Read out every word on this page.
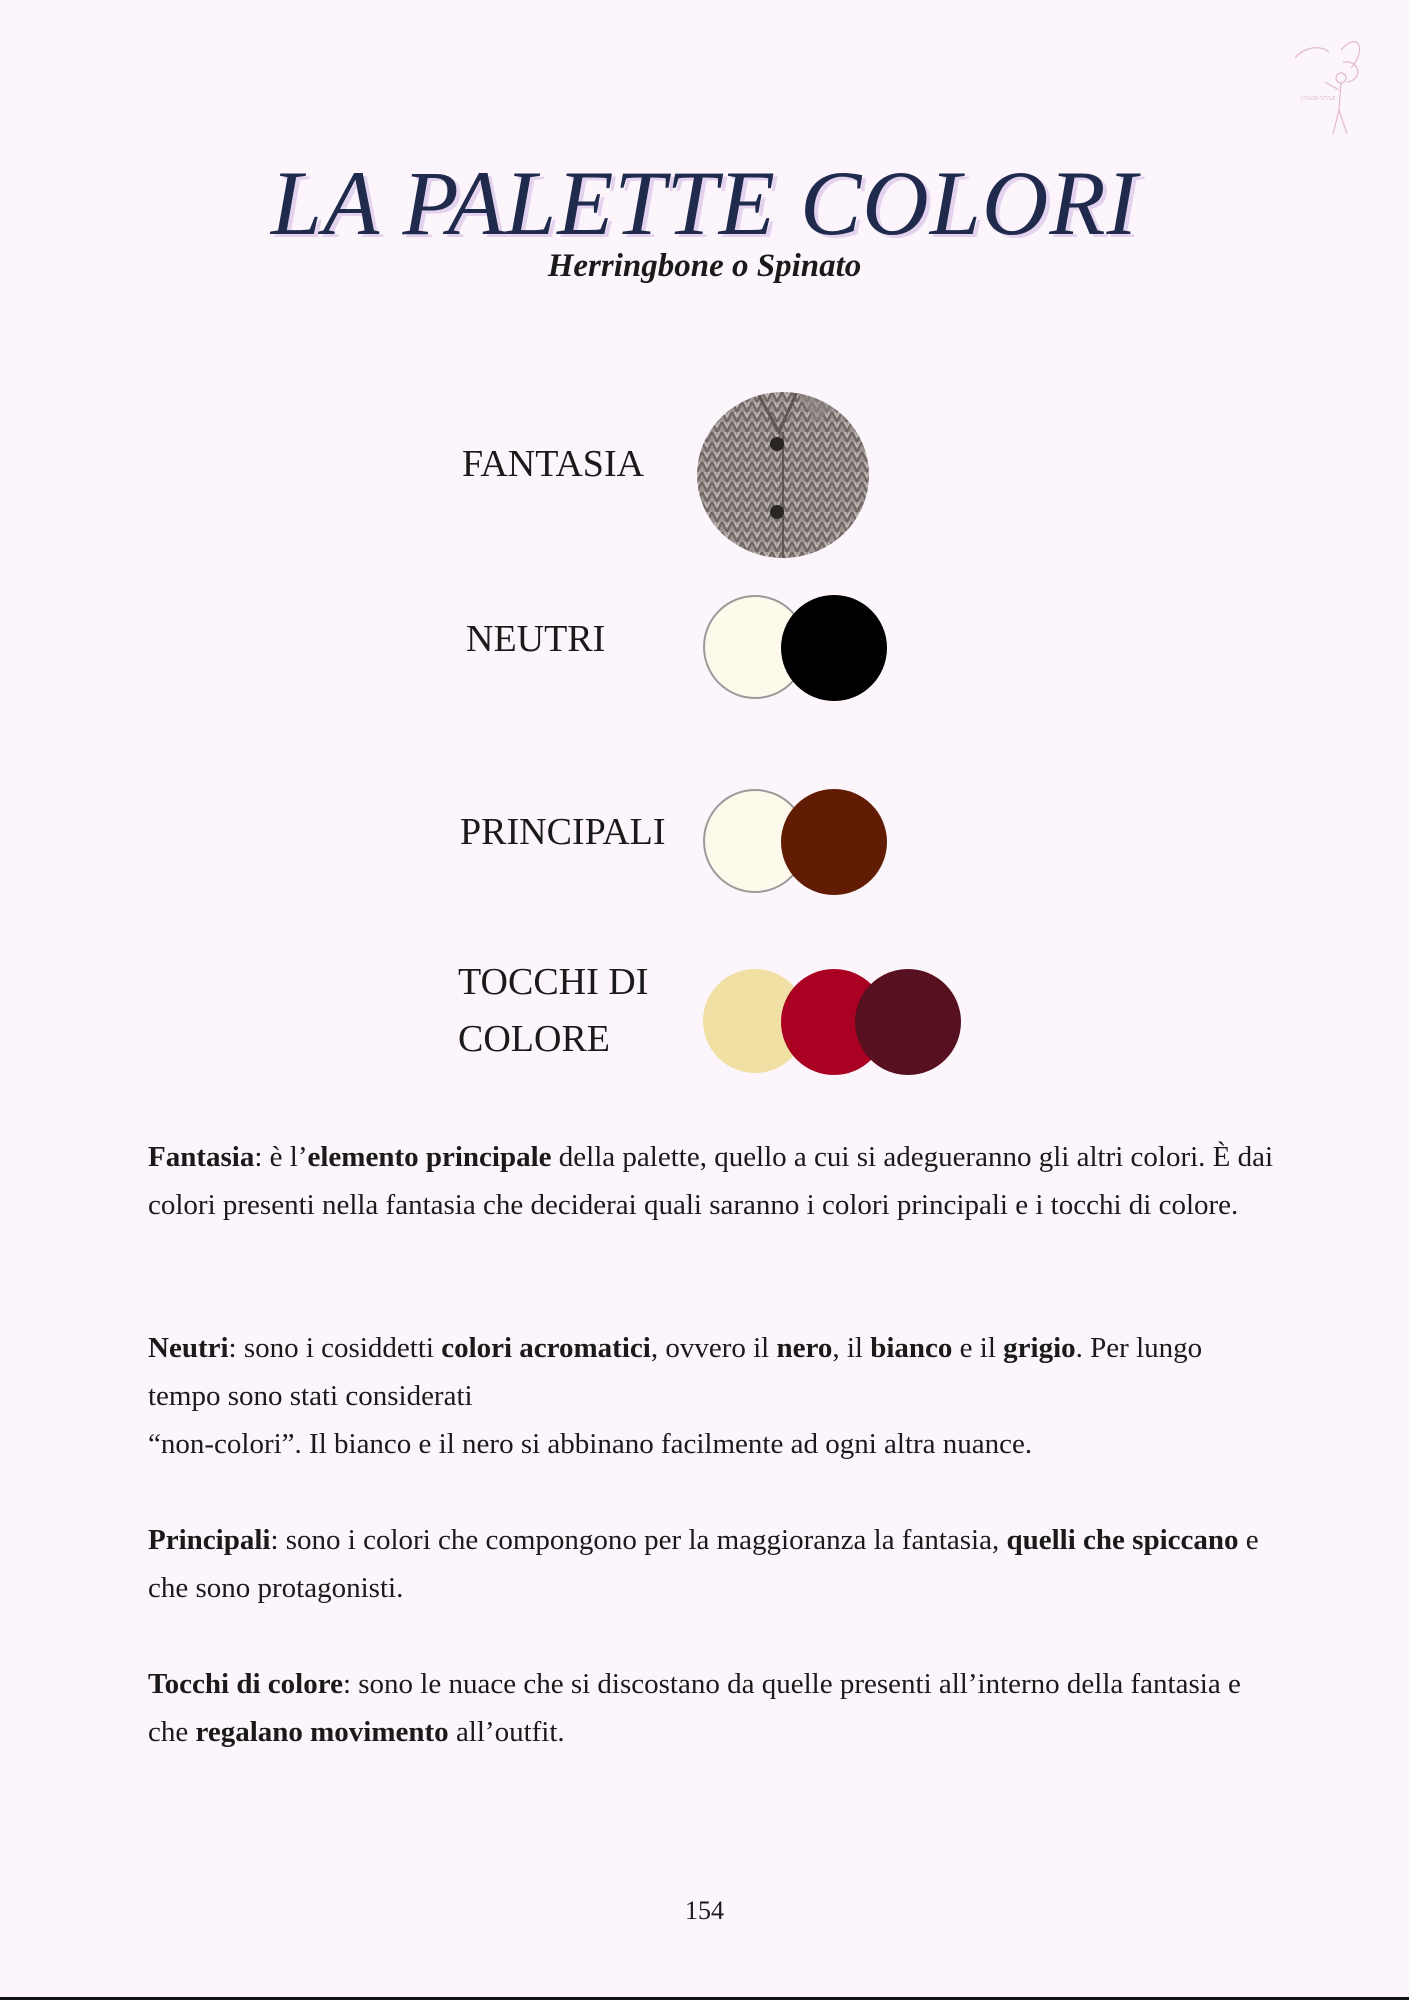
COLOR·STYLE
LA PALETTE COLORI
Herringbone o Spinato
FANTASIA
NEUTRI
PRINCIPALI
TOCCHI DI
COLORE
Fantasia: è l’elemento principale della palette, quello a cui si adegueranno gli altri colori. È dai colori presenti nella fantasia che deciderai quali saranno i colori principali e i tocchi di colore.
Neutri: sono i cosiddetti colori acromatici, ovvero il nero, il bianco e il grigio. Per lungo tempo sono stati considerati
“non-colori”. Il bianco e il nero si abbinano facilmente ad ogni altra nuance.
Principali: sono i colori che compongono per la maggioranza la fantasia, quelli che spiccano e che sono protagonisti.
Tocchi di colore: sono le nuace che si discostano da quelle presenti all’interno della fantasia e che regalano movimento all’outfit.
154
